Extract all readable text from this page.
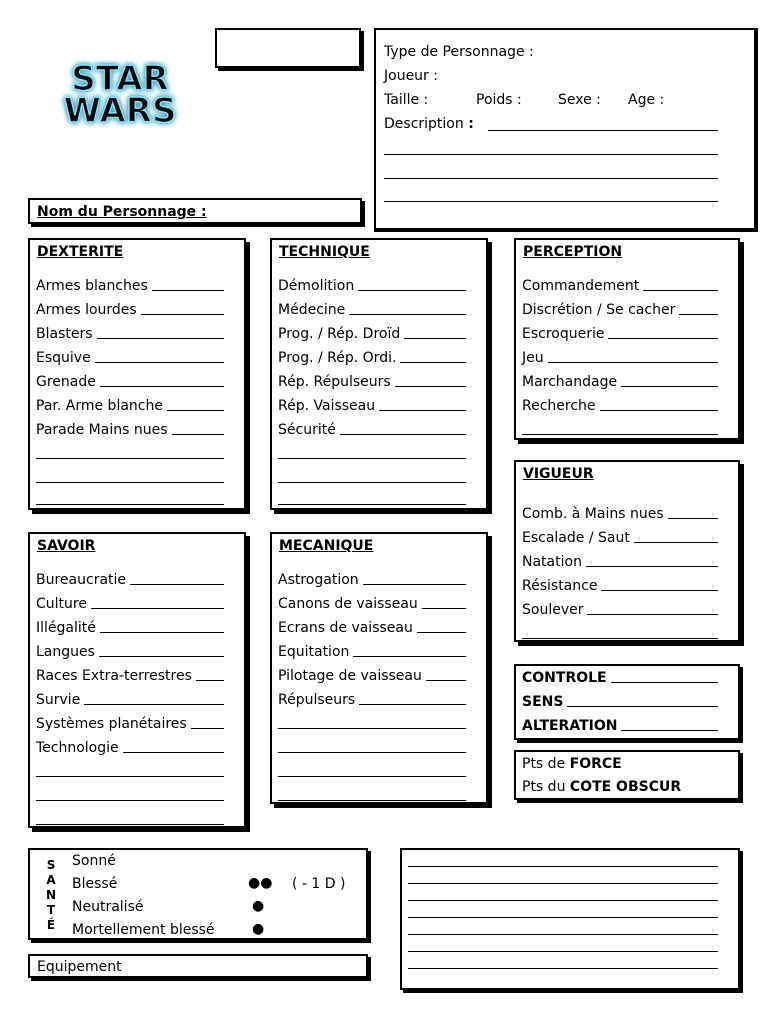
STAR
WARS
Type de Personnage :
Joueur :
Taille :	Poids :	Sexe : Age :
Description :
Nom du Personnage :
DEXTERITE
Armes blanches
Armes lourdes
Blasters
Esquive
Grenade
Par. Arme blanche
Parade Mains nues
TECHNIQUE
Démolition
Médecine
Prog. / Rép. Droïd
Prog. / Rép. Ordi.
Rép. Répulseurs
Rép. Vaisseau
Sécurité
PERCEPTION
Commandement
Discrétion / Se cacher
Escroquerie
Jeu
Marchandage
Recherche
VIGUEUR
Comb. à Mains nues
Escalade / Saut
Natation
Résistance
Soulever
SAVOIR
Bureaucratie
Culture
Illégalité
Langues
Races Extra-terrestres
Survie
Systèmes planétaires
Technologie
MECANIQUE
Astrogation
Canons de vaisseau
Ecrans de vaisseau
Equitation
Pilotage de vaisseau
Répulseurs
CONTROLE
SENS
ALTERATION
Pts de FORCE
Pts du COTE OBSCUR
S
A
N
T
É
Sonné
Blessé
Neutralisé
Mortellement blessé
●●
●
●
( - 1 D )
Equipement
